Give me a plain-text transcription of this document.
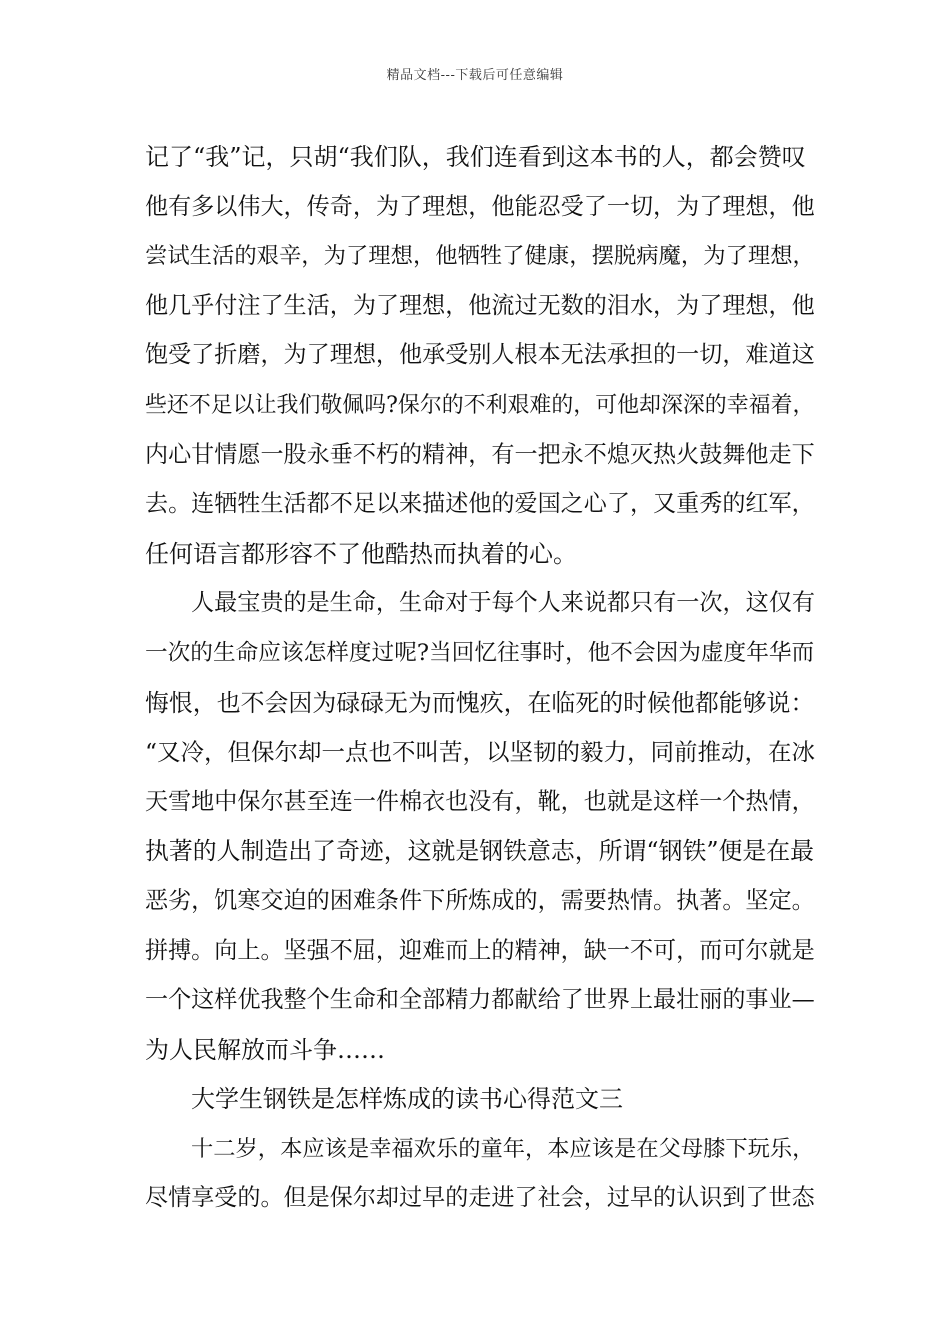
精品文档---下载后可任意编辑
记了“我”记，只胡“我们队，我们连看到这本书的人，都会赞叹
他有多以伟大，传奇，为了理想，他能忍受了一切，为了理想，他
尝试生活的艰辛，为了理想，他牺牲了健康，摆脱病魔，为了理想，
他几乎付注了生活，为了理想，他流过无数的泪水，为了理想，他
饱受了折磨，为了理想，他承受别人根本无法承担的一切，难道这
些还不足以让我们敬佩吗?保尔的不利艰难的，可他却深深的幸福着，
内心甘情愿一股永垂不朽的精神，有一把永不熄灭热火鼓舞他走下
去。连牺牲生活都不足以来描述他的爱国之心了，又重秀的红军，
任何语言都形容不了他酷热而执着的心。
人最宝贵的是生命，生命对于每个人来说都只有一次，这仅有
一次的生命应该怎样度过呢?当回忆往事时，他不会因为虚度年华而
悔恨，也不会因为碌碌无为而愧疚，在临死的时候他都能够说：
“又冷，但保尔却一点也不叫苦，以坚韧的毅力，同前推动，在冰
天雪地中保尔甚至连一件棉衣也没有，靴，也就是这样一个热情，
执著的人制造出了奇迹，这就是钢铁意志，所谓“钢铁”便是在最
恶劣，饥寒交迫的困难条件下所炼成的，需要热情。执著。坚定。
拼搏。向上。坚强不屈，迎难而上的精神，缺一不可，而可尔就是
一个这样优我整个生命和全部精力都献给了世界上最壮丽的事业—
为人民解放而斗争……
大学生钢铁是怎样炼成的读书心得范文三
十二岁，本应该是幸福欢乐的童年，本应该是在父母膝下玩乐，
尽情享受的。但是保尔却过早的走进了社会，过早的认识到了世态
